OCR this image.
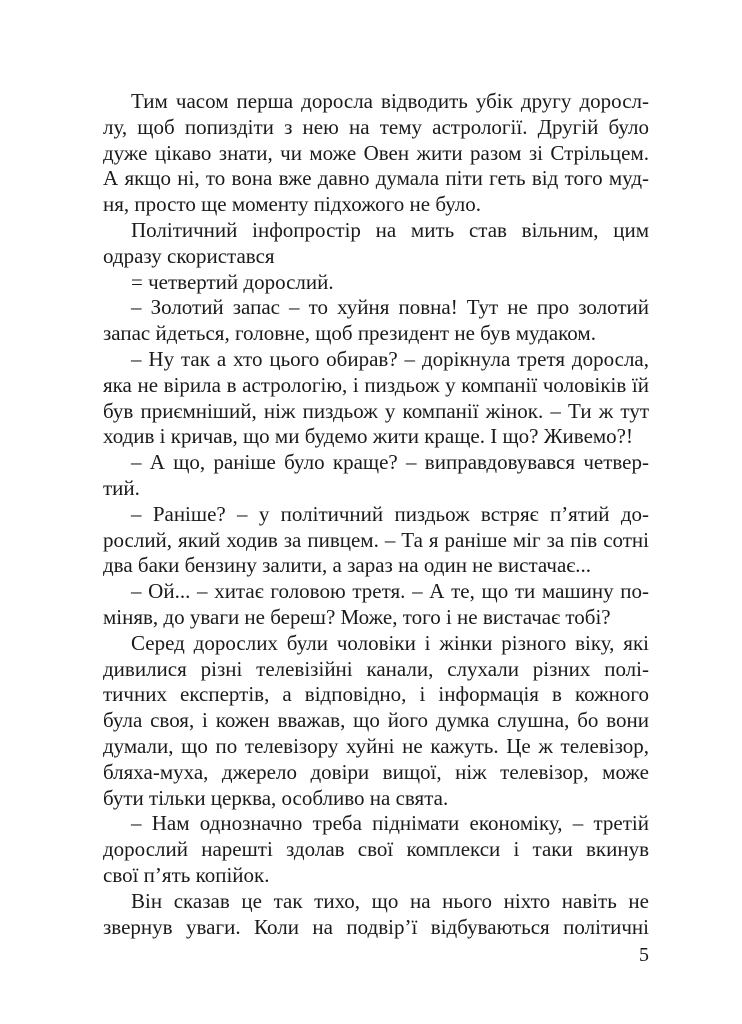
Тим часом перша доросла відводить убік другу доросл-
лу, щоб попиздіти з нею на тему астрології. Другій було
дуже цікаво знати, чи може Овен жити разом зі Стрільцем.
А якщо ні, то вона вже давно думала піти геть від того муд-
ня, просто ще моменту підхожого не було.
Політичний інфопростір на мить став вільним, цим
одразу скористався
= четвертий дорослий.
– Золотий запас – то хуйня повна! Тут не про золотий
запас йдеться, головне, щоб президент не був мудаком.
– Ну так а хто цього обирав? – дорікнула третя доросла,
яка не вірила в астрологію, і пиздьож у компанії чоловіків їй
був приємніший, ніж пиздьож у компанії жінок. – Ти ж тут
ходив і кричав, що ми будемо жити краще. І що? Живемо?!
– А що, раніше було краще? – виправдовувався четвер-
тий.
– Раніше? – у політичний пиздьож встряє п’ятий до-
рослий, який ходив за пивцем. – Та я раніше міг за пів сотні
два баки бензину залити, а зараз на один не вистачає...
– Ой... – хитає головою третя. – А те, що ти машину по-
міняв, до уваги не береш? Може, того і не вистачає тобі?
Серед дорослих були чоловіки і жінки різного віку, які
дивилися різні телевізійні канали, слухали різних полі-
тичних експертів, а відповідно, і інформація в кожного
була своя, і кожен вважав, що його думка слушна, бо вони
думали, що по телевізору хуйні не кажуть. Це ж телевізор,
бляха-муха, джерело довіри вищої, ніж телевізор, може
бути тільки церква, особливо на свята.
– Нам однозначно треба піднімати економіку, – третій
дорослий нарешті здолав свої комплекси і таки вкинув
свої п’ять копійок.
Він сказав це так тихо, що на нього ніхто навіть не
звернув уваги. Коли на подвір’ї відбуваються політичні
5
